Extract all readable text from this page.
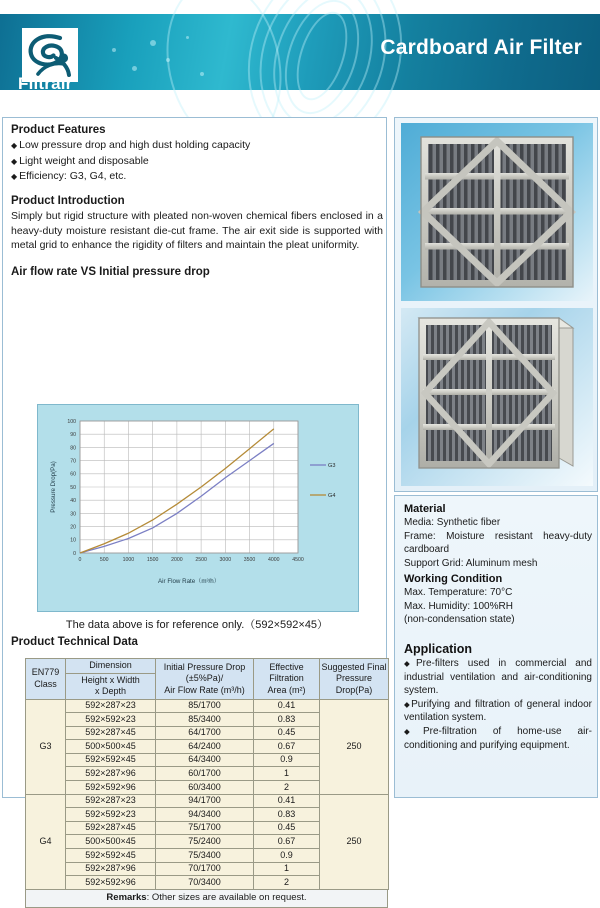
Filtrair
Cardboard Air Filter
Product Features
◆ Low pressure drop and high dust holding capacity
◆ Light weight and disposable
◆ Efficiency: G3, G4, etc.
Product Introduction

Simply but rigid structure with pleated non-woven chemical fibers enclosed in a heavy-duty moisture resistant die-cut frame. The air exit side is supported with metal grid to enhance the rigidity of filters and maintain the pleat uniformity.

Air flow rate VS Initial pressure drop
0
10
20
30
40
50
60
70
80
90
100
0	500	1000 1500 2000 2500 3000 3500 4000 4500
G3
G4
Air Flow Rate（m³/h）
Pressure Drop(Pa)
The data above is for reference only.（592×592×45）
Product Technical Data
EN779
Class
	Dimension	Initial Pressure Drop
(±5%Pa)/
Air Flow Rate (m³/h)

Effective
Filtration
Area (m²)

Suggested Final
Pressure
Drop(Pa)

	Height x Width
x Depth			

G3	592×287×23	85/1700	0.41	250
	592×592×23	85/3400	0.83	
	592×287×45	64/1700	0.45	
	500×500×45	64/2400	0.67	
	592×592×45	64/3400	0.9	
	592×287×96	60/1700	1	
	592×592×96	60/3400	2	
G4	592×287×23	94/1700	0.41	250
	592×592×23	94/3400	0.83	
	592×287×45	75/1700	0.45	
	500×500×45	75/2400	0.67	
	592×592×45	75/3400	0.9	
	592×287×96	70/1700	1	
	592×592×96	70/3400	2	
Remarks: Other sizes are available on request.
Material
Media: Synthetic fiber
Frame: Moisture resistant heavy-duty cardboard
Support Grid: Aluminum mesh
Working Condition
Max. Temperature: 70°C
Max. Humidity: 100%RH
(non-condensation state)
Application
◆Pre-filters used in commercial and industrial ventilation and air-conditioning system.
◆Purifying and filtration of general indoor ventilation system.
◆Pre-filtration of home-use air-conditioning and purifying equipment.
